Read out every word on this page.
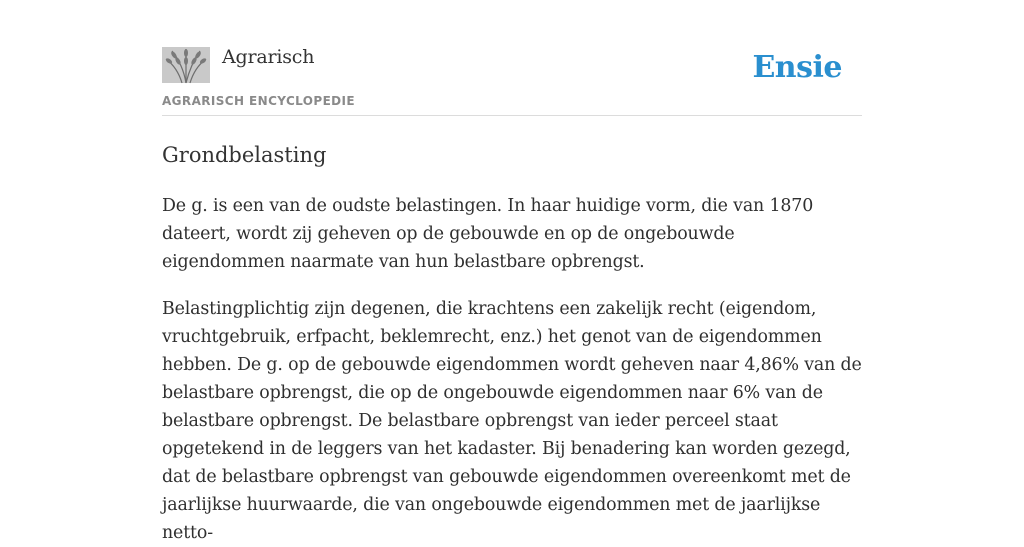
Agrarisch
AGRARISCH ENCYCLOPEDIE
Ensie
Grondbelasting

De g. is een van de oudste belastingen. In haar huidige vorm, die van 1870 dateert, wordt zij geheven op de gebouwde en op de ongebouwde eigendommen naarmate van hun belastbare opbrengst.

Belastingplichtig zijn degenen, die krachtens een zakelijk recht (eigendom, vruchtgebruik, erfpacht, beklemrecht, enz.) het genot van de eigendommen hebben. De g. op de gebouwde eigendommen wordt geheven naar 4,86% van de belastbare opbrengst, die op de ongebouwde eigendommen naar 6% van de belastbare opbrengst. De belastbare opbrengst van ieder perceel staat opgetekend in de leggers van het kadaster. Bij benadering kan worden gezegd, dat de belastbare opbrengst van gebouwde eigendommen overeenkomt met de jaarlijkse huurwaarde, die van ongebouwde eigendommen met de jaarlijkse netto-
